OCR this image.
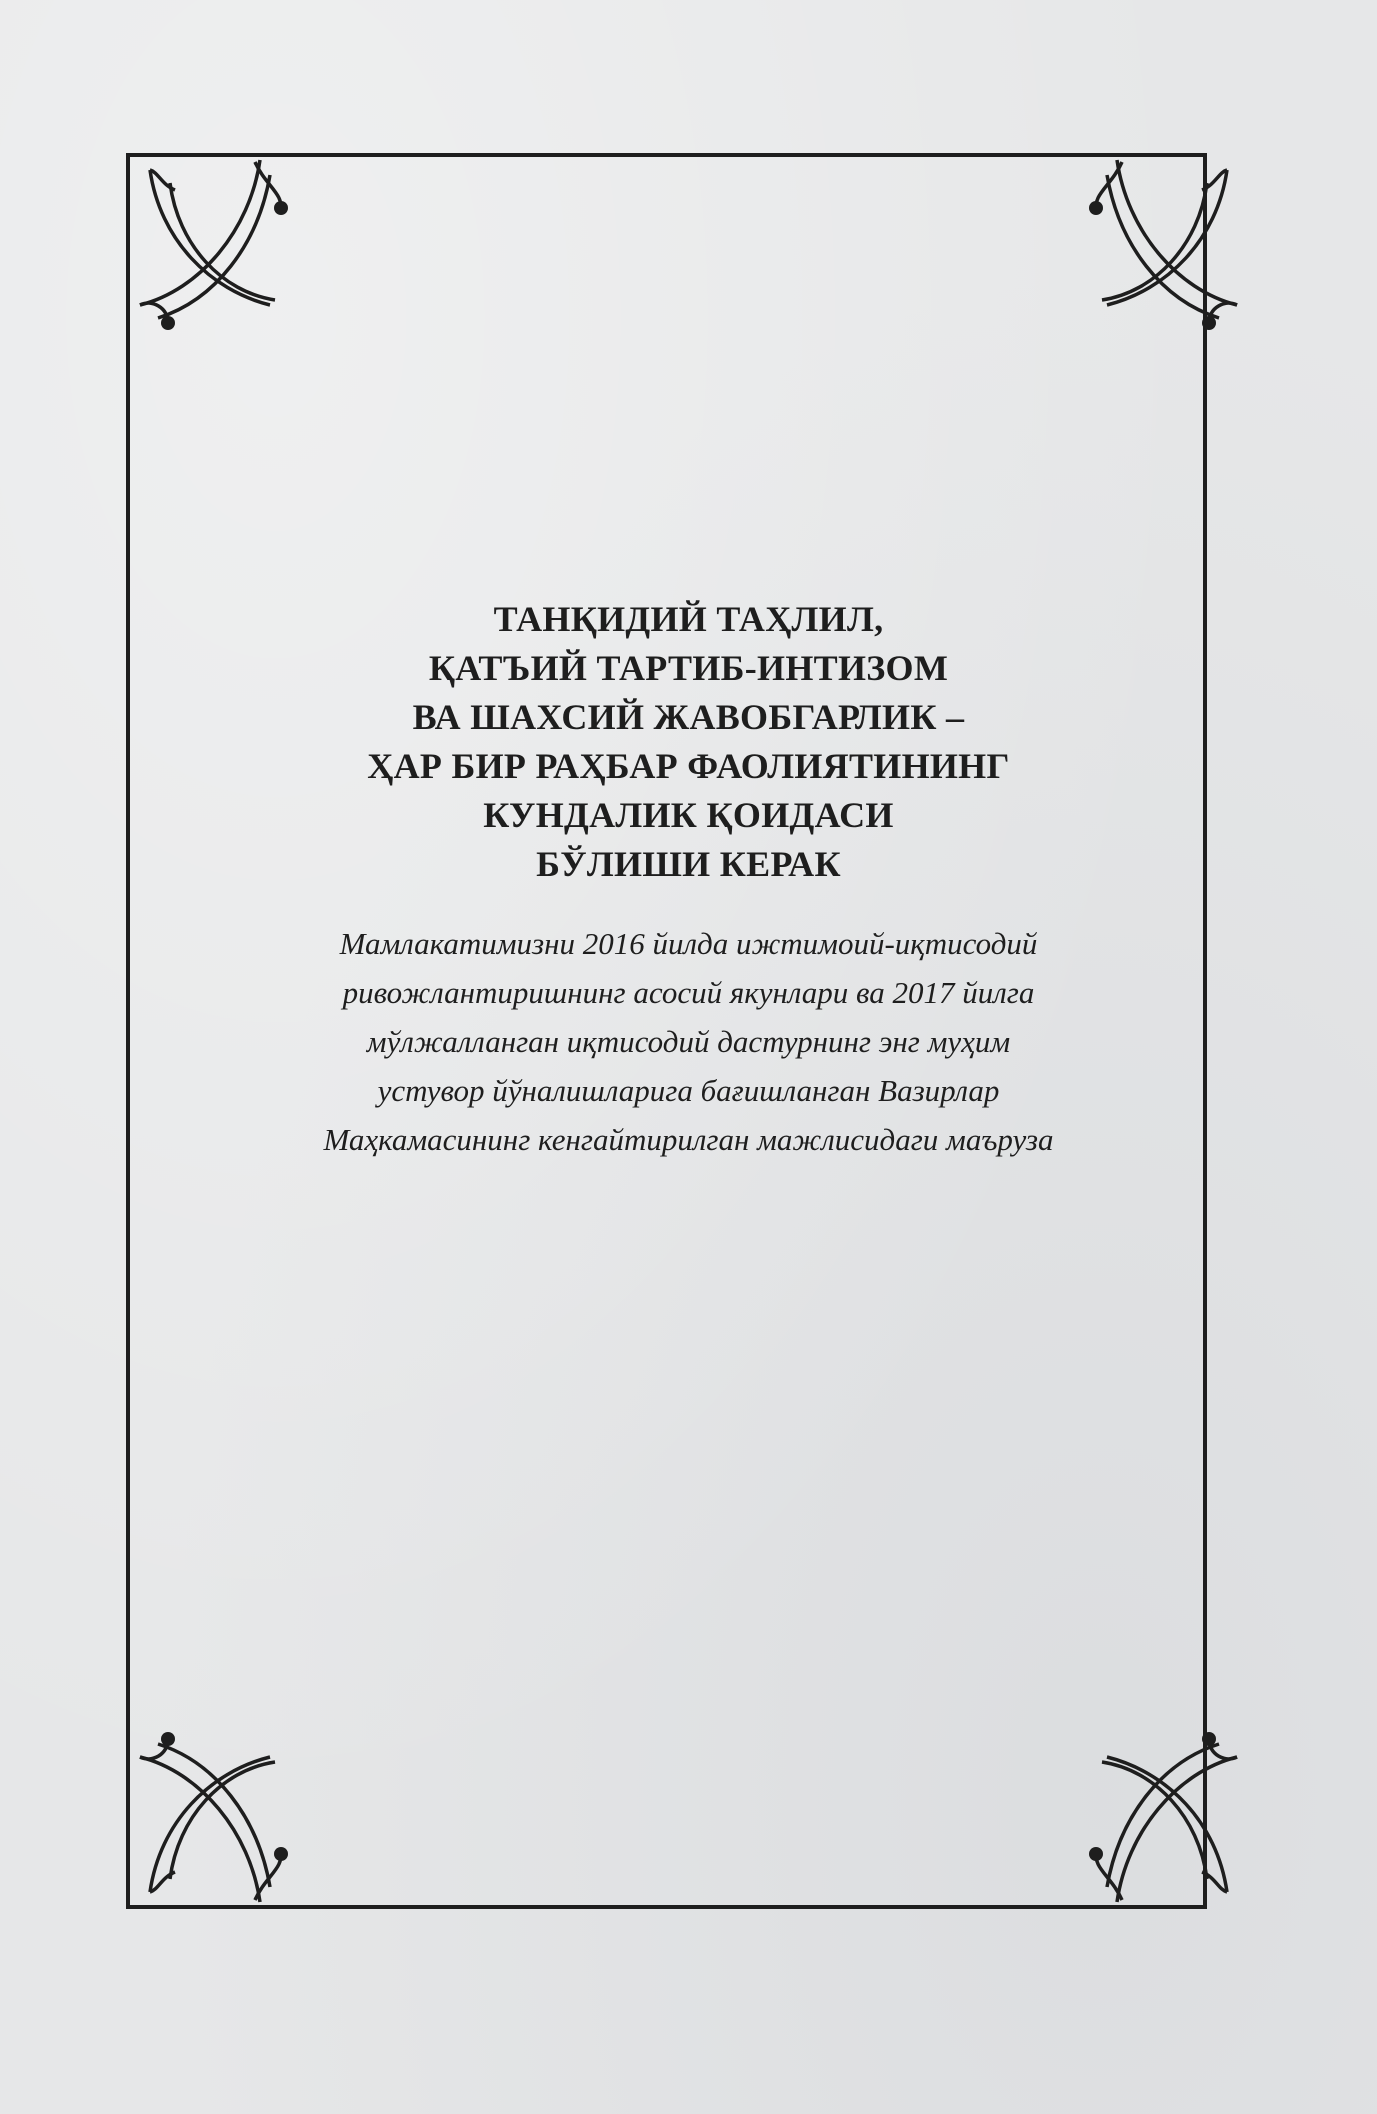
ТАНҚИДИЙ ТАҲЛИЛ,
ҚАТЪИЙ ТАРТИБ-ИНТИЗОМ
ВА ШАХСИЙ ЖАВОБГАРЛИК –
ҲАР БИР РАҲБАР ФАОЛИЯТИНИНГ
КУНДАЛИК ҚОИДАСИ
БЎЛИШИ КЕРАК

Мамлакатимизни 2016 йилда ижтимоий-иқтисодий
ривожлантиришнинг асосий якунлари ва 2017 йилга
мўлжалланган иқтисодий дастурнинг энг муҳим
устувор йўналишларига бағишланган Вазирлар
Маҳкамасининг кенгайтирилган мажлисидаги маъруза
